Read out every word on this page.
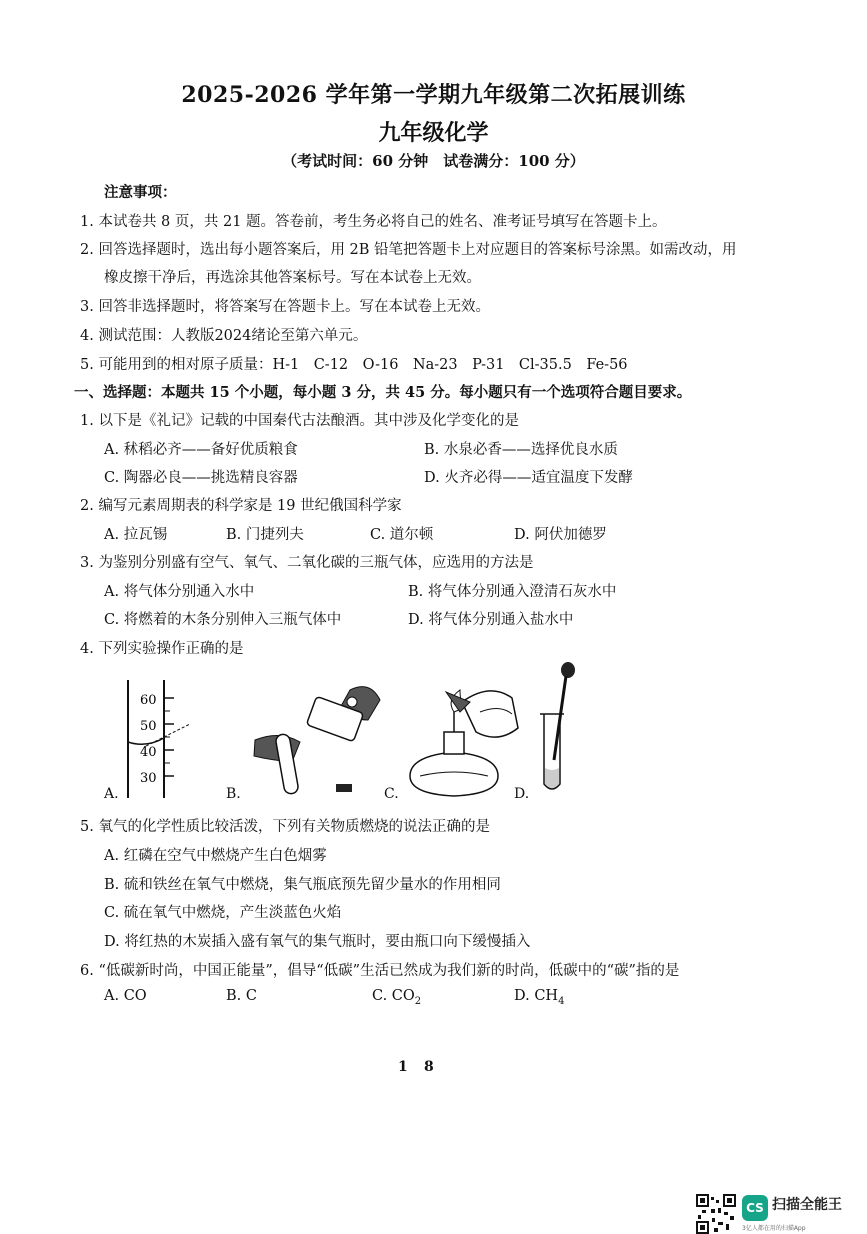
2025-2026 学年第一学期九年级第二次拓展训练
九年级化学
（考试时间：60 分钟　试卷满分：100 分）
注意事项：
1. 本试卷共 8 页，共 21 题。答卷前，考生务必将自己的姓名、准考证号填写在答题卡上。
2. 回答选择题时，选出每小题答案后，用 2B 铅笔把答题卡上对应题目的答案标号涂黑。如需改动，用
橡皮擦干净后，再选涂其他答案标号。写在本试卷上无效。
3. 回答非选择题时，将答案写在答题卡上。写在本试卷上无效。
4. 测试范围：人教版2024绪论至第六单元。
5. 可能用到的相对原子质量：H-1　C-12　O-16　Na-23　P-31　Cl-35.5　Fe-56
一、选择题：本题共 15 个小题，每小题 3 分，共 45 分。每小题只有一个选项符合题目要求。
1. 以下是《礼记》记载的中国秦代古法酿酒。其中涉及化学变化的是
A. 秫稻必齐——备好优质粮食	B. 水泉必香——选择优良水质
C. 陶器必良——挑选精良容器	D. 火齐必得——适宜温度下发酵
2. 编写元素周期表的科学家是 19 世纪俄国科学家
A. 拉瓦锡	B. 门捷列夫	C. 道尔顿	D. 阿伏加德罗
3. 为鉴别分别盛有空气、氧气、二氧化碳的三瓶气体，应选用的方法是
A. 将气体分别通入水中	B. 将气体分别通入澄清石灰水中
C. 将燃着的木条分别伸入三瓶气体中	D. 将气体分别通入盐水中
4. 下列实验操作正确的是
60
50
40
30
A.	B.	C.	D.
5. 氧气的化学性质比较活泼，下列有关物质燃烧的说法正确的是
A. 红磷在空气中燃烧产生白色烟雾
B. 硫和铁丝在氧气中燃烧，集气瓶底预先留少量水的作用相同
C. 硫在氧气中燃烧，产生淡蓝色火焰
D. 将红热的木炭插入盛有氧气的集气瓶时，要由瓶口向下缓慢插入
6. “低碳新时尚，中国正能量”，倡导“低碳”生活已然成为我们新的时尚，低碳中的“碳”指的是
A. CO	B. C	C. $CO_2$	D. $CH_4$
1 8
CS 扫描全能王
3亿人都在用的扫描App
